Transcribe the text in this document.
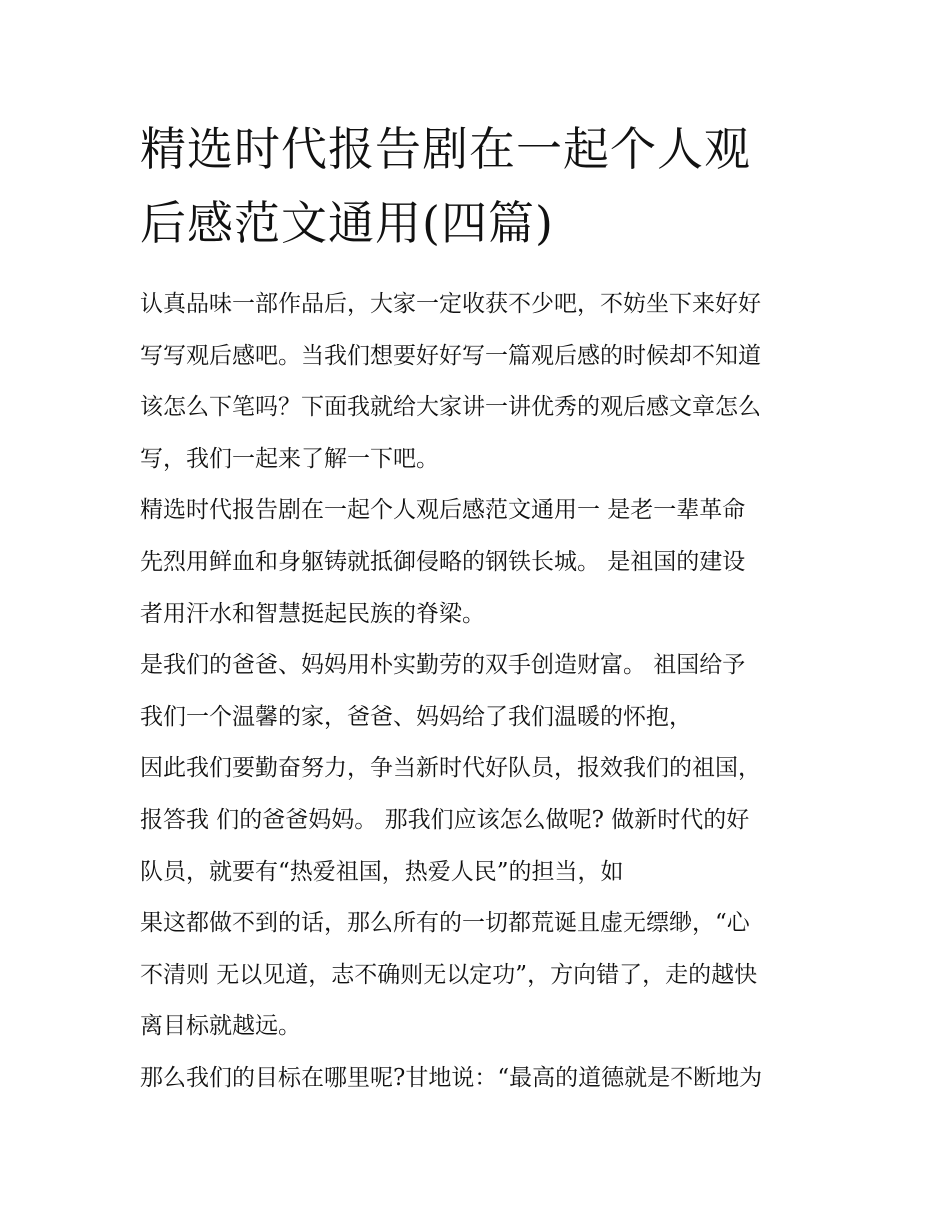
精选时代报告剧在一起个人观
后感范文通用(四篇)
认真品味一部作品后，大家一定收获不少吧，不妨坐下来好好
写写观后感吧。当我们想要好好写一篇观后感的时候却不知道
该怎么下笔吗？下面我就给大家讲一讲优秀的观后感文章怎么
写，我们一起来了解一下吧。
精选时代报告剧在一起个人观后感范文通用一 是老一辈革命
先烈用鲜血和身躯铸就抵御侵略的钢铁长城。 是祖国的建设
者用汗水和智慧挺起民族的脊梁。
是我们的爸爸、妈妈用朴实勤劳的双手创造财富。 祖国给予
我们一个温馨的家，爸爸、妈妈给了我们温暖的怀抱，
因此我们要勤奋努力，争当新时代好队员，报效我们的祖国，
报答我 们的爸爸妈妈。 那我们应该怎么做呢? 做新时代的好
队员，就要有“热爱祖国，热爱人民”的担当，如
果这都做不到的话，那么所有的一切都荒诞且虚无缥缈，“心
不清则 无以见道，志不确则无以定功”，方向错了，走的越快
离目标就越远。
那么我们的目标在哪里呢?甘地说：“最高的道德就是不断地为
